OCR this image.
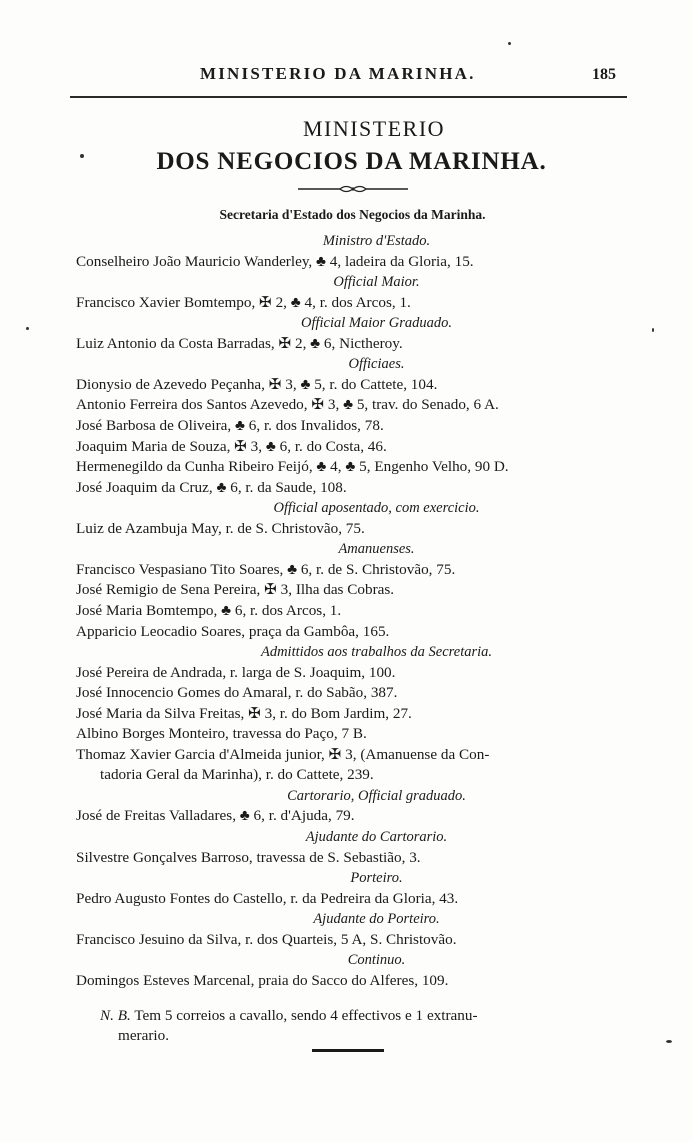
MINISTERIO DA MARINHA.	185
MINISTERIO
DOS NEGOCIOS DA MARINHA.
Secretaria d'Estado dos Negocios da Marinha.
Ministro d'Estado.
Conselheiro João Mauricio Wanderley, ♣ 4, ladeira da Gloria, 15.
Official Maior.
Francisco Xavier Bomtempo, ✠ 2, ♣ 4, r. dos Arcos, 1.
Official Maior Graduado.
Luiz Antonio da Costa Barradas, ✠ 2, ♣ 6, Nictheroy.
Officiaes.
Dionysio de Azevedo Peçanha, ✠ 3, ♣ 5, r. do Cattete, 104.
Antonio Ferreira dos Santos Azevedo, ✠ 3, ♣ 5, trav. do Senado, 6 A.
José Barbosa de Oliveira, ♣ 6, r. dos Invalidos, 78.
Joaquim Maria de Souza, ✠ 3, ♣ 6, r. do Costa, 46.
Hermenegildo da Cunha Ribeiro Feijó, ♣ 4, ♣ 5, Engenho Velho, 90 D.
José Joaquim da Cruz, ♣ 6, r. da Saude, 108.
Official aposentado, com exercicio.
Luiz de Azambuja May, r. de S. Christovão, 75.
Amanuenses.
Francisco Vespasiano Tito Soares, ♣ 6, r. de S. Christovão, 75.
José Remigio de Sena Pereira, ✠ 3, Ilha das Cobras.
José Maria Bomtempo, ♣ 6, r. dos Arcos, 1.
Apparicio Leocadio Soares, praça da Gambôa, 165.
Admittidos aos trabalhos da Secretaria.
José Pereira de Andrada, r. larga de S. Joaquim, 100.
José Innocencio Gomes do Amaral, r. do Sabão, 387.
José Maria da Silva Freitas, ✠ 3, r. do Bom Jardim, 27.
Albino Borges Monteiro, travessa do Paço, 7 B.
Thomaz Xavier Garcia d'Almeida junior, ✠ 3, (Amanuense da Con-
tadoria Geral da Marinha), r. do Cattete, 239.
Cartorario, Official graduado.
José de Freitas Valladares, ♣ 6, r. d'Ajuda, 79.
Ajudante do Cartorario.
Silvestre Gonçalves Barroso, travessa de S. Sebastião, 3.
Porteiro.
Pedro Augusto Fontes do Castello, r. da Pedreira da Gloria, 43.
Ajudante do Porteiro.
Francisco Jesuino da Silva, r. dos Quarteis, 5 A, S. Christovão.
Continuo.
Domingos Esteves Marcenal, praia do Sacco do Alferes, 109.
N. B. Tem 5 correios a cavallo, sendo 4 effectivos e 1 extranu-
merario.
